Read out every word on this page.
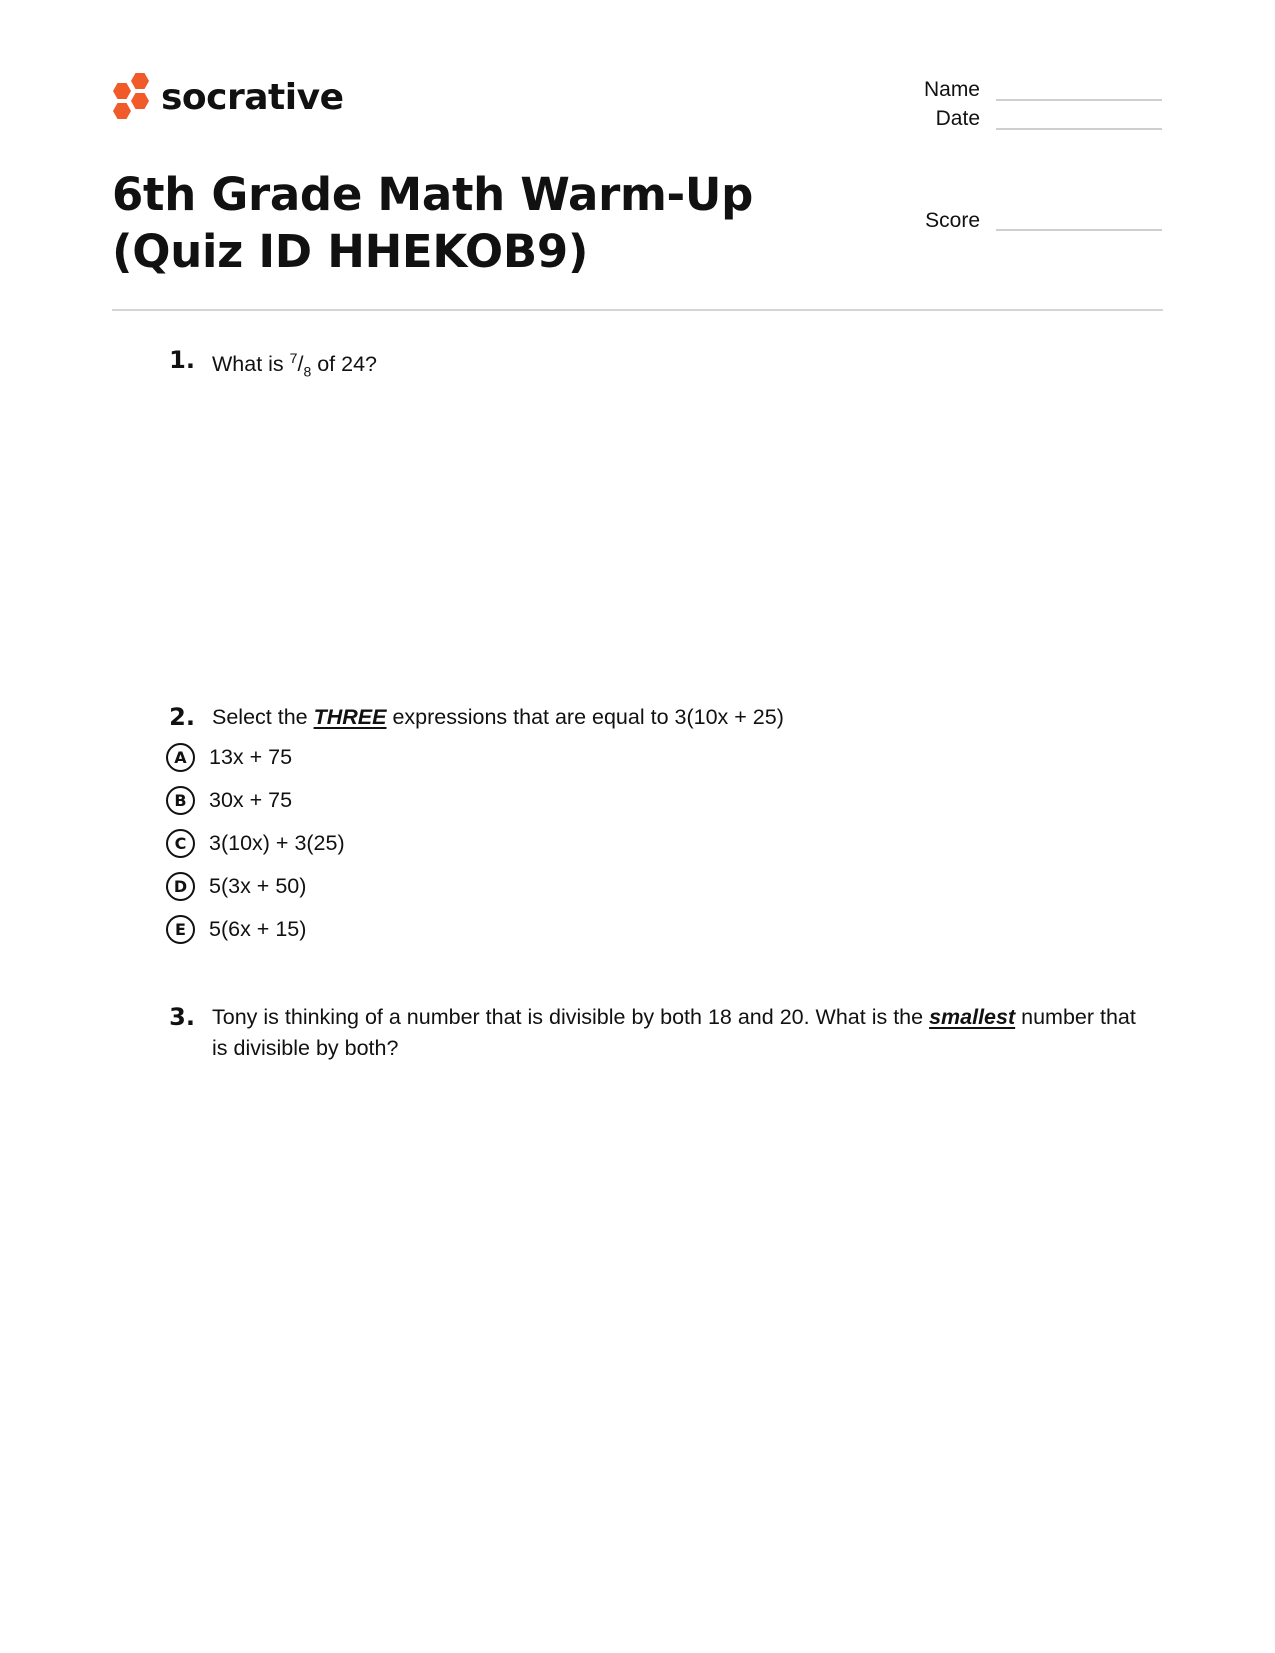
socrative	Name
Date
Score
6th Grade Math Warm-Up (Quiz ID HHEKOB9)
1. What is $^7/_8$ of 24?
2. Select the THREE expressions that are equal to 3(10x + 25)
A	13x + 75
B	30x + 75
C	3(10x) + 3(25)
D	5(3x + 50)
E	5(6x + 15)
3. Tony is thinking of a number that is divisible by both 18 and 20. What is the smallest number that is divisible by both?
